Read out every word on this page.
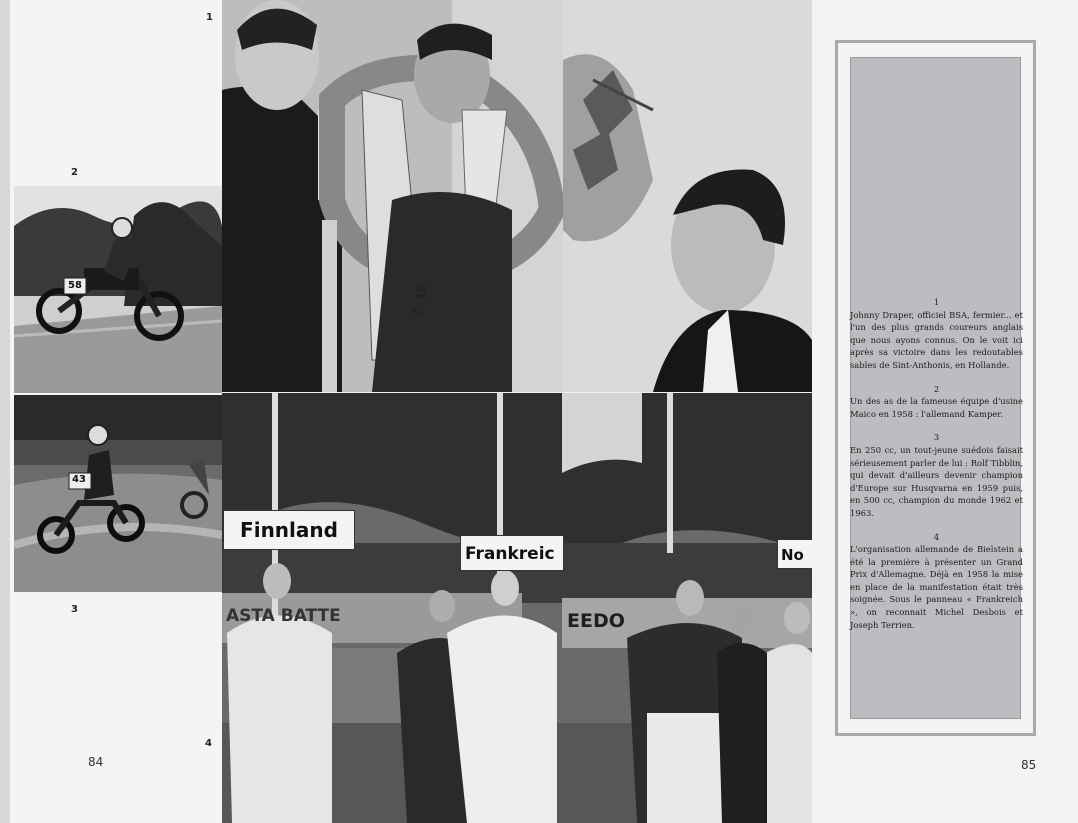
1
2
3
4
84
58
43
7. 19
Finnland
Frankreic	No
ASTA BATTE	EEDO
1
Johnny Draper, officiel BSA, fermier... et l'un des plus grands coureurs anglais que nous ayons connus. On le voit ici après sa victoire dans les redoutables sables de Sint-Anthonis, en Hollande.
2
Un des as de la fameuse équipe d'usine Maico en 1958 : l'allemand Kamper.
3
En 250 cc, un tout-jeune suédois faisait sérieusement parler de lui : Rolf Tibblin, qui devait d'ailleurs devenir champion d'Europe sur Husqvarna en 1959 puis, en 500 cc, champion du monde 1962 et 1963.
4
L'organisation allemande de Bielstein a été la première à présenter un Grand Prix d'Allemagne. Déjà en 1958 la mise en place de la manifestation était très soignée. Sous le panneau « Frankreich », on reconnait Michel Desbois et Joseph Terrien.
85
